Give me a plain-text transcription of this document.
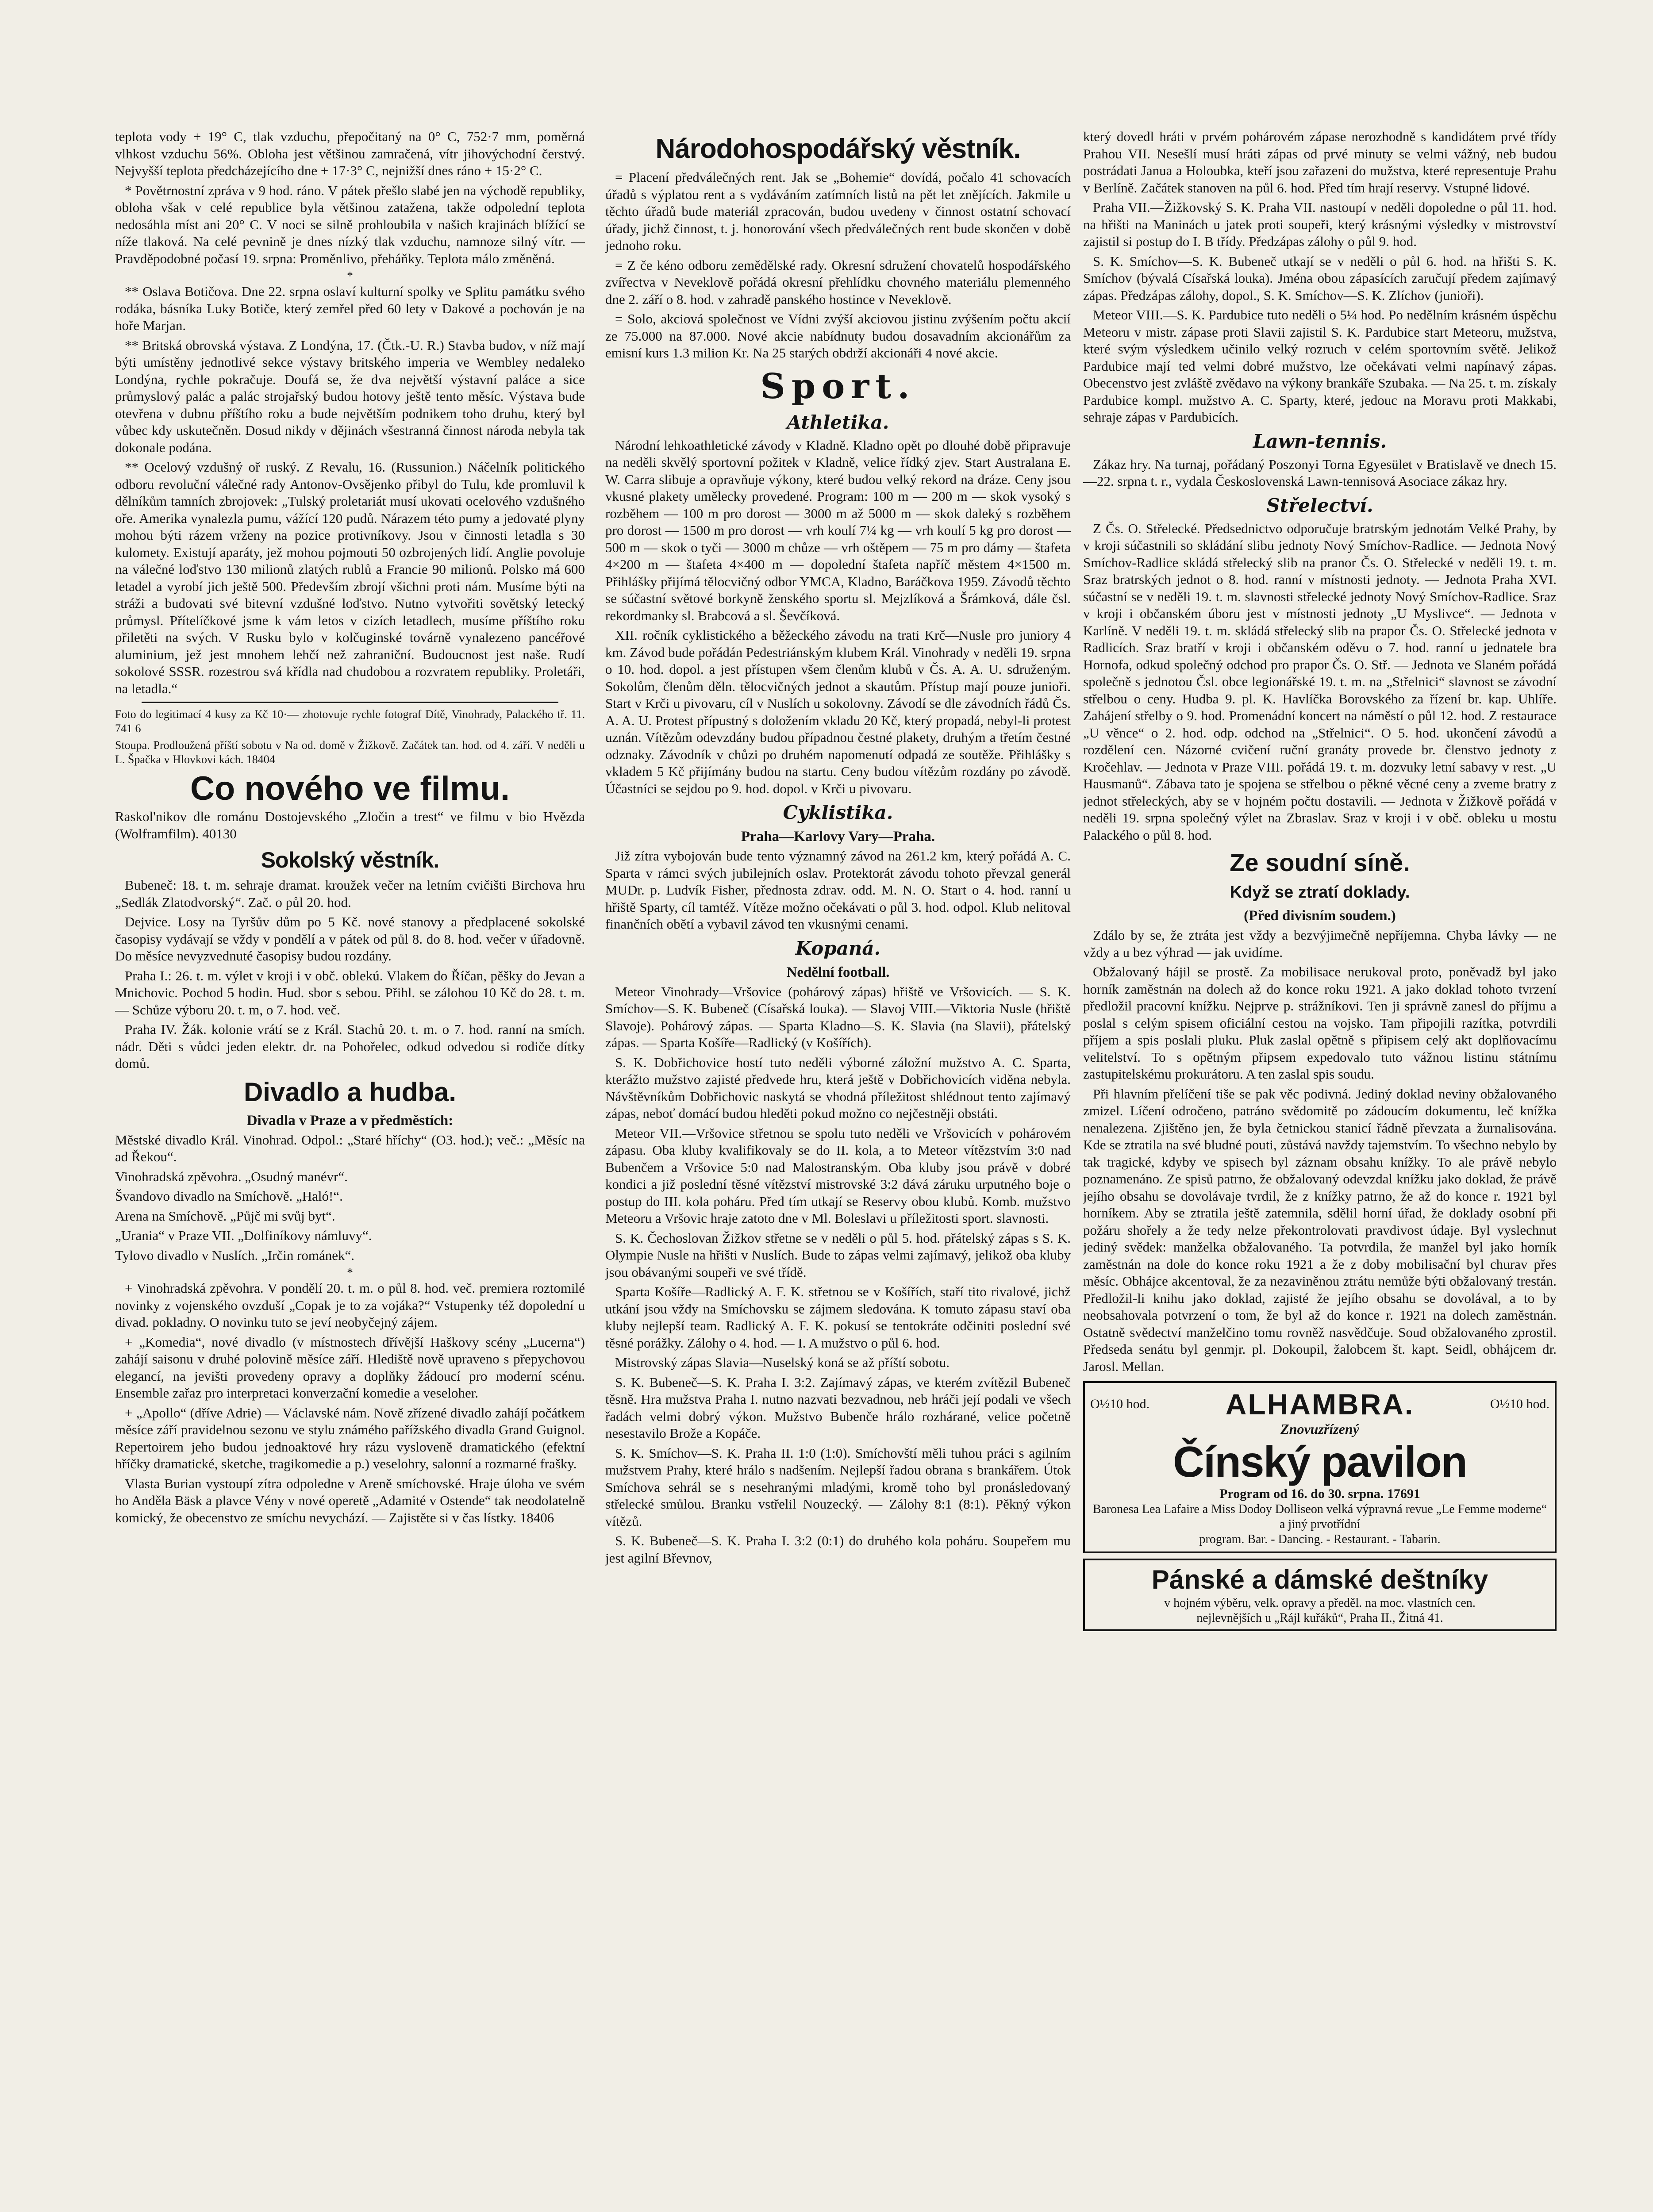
teplota vody + 19° C, tlak vzduchu, přepočitaný na 0° C, 752·7 mm, poměrná vlhkost vzduchu 56%. Obloha jest většinou zamračená, vítr jihovýchodní čerstvý. Nejvyšší teplota předcházejícího dne + 17·3° C, nejnižší dnes ráno + 15·2° C.

* Povětrnostní zpráva v 9 hod. ráno. V pátek přešlo slabé jen na východě republiky, obloha však v celé republice byla většinou zatažena, takže odpolední teplota nedosáhla míst ani 20° C. V noci se silně prohloubila v našich krajinách blížící se níže tlaková. Na celé pevnině je dnes nízký tlak vzduchu, namnoze silný vítr. — Pravděpodobné počasí 19. srpna: Proměnlivo, přeháňky. Teplota málo změněná.

*

** Oslava Botičova. Dne 22. srpna oslaví kulturní spolky ve Splitu památku svého rodáka, básníka Luky Botiče, který zemřel před 60 lety v Dakové a pochován je na hoře Marjan.

** Britská obrovská výstava. Z Londýna, 17. (Čtk.-U. R.) Stavba budov, v níž mají býti umístěny jednotlivé sekce výstavy britského imperia ve Wembley nedaleko Londýna, rychle pokračuje. Doufá se, že dva největší výstavní paláce a sice průmyslový palác a palác strojařský budou hotovy ještě tento měsíc. Výstava bude otevřena v dubnu příštího roku a bude největším podnikem toho druhu, který byl vůbec kdy uskutečněn. Dosud nikdy v dějinách všestranná činnost národa nebyla tak dokonale podána.

** Ocelový vzdušný oř ruský. Z Revalu, 16. (Russunion.) Náčelník politického odboru revoluční válečné rady Antonov-Ovsějenko přibyl do Tulu, kde promluvil k dělníkům tamních zbrojovek: „Tulský proletariát musí ukovati ocelového vzdušného oře. Amerika vynalezla pumu, vážící 120 pudů. Nárazem této pumy a jedovaté plyny mohou býti rázem vrženy na pozice protivníkovy. Jsou v činnosti letadla s 30 kulomety. Existují aparáty, jež mohou pojmouti 50 ozbrojených lidí. Anglie povoluje na válečné loďstvo 130 milionů zlatých rublů a Francie 90 milionů. Polsko má 600 letadel a vyrobí jich ještě 500. Především zbrojí všichni proti nám. Musíme býti na stráži a budovati své bitevní vzdušné loďstvo. Nutno vytvořiti sovětský letecký průmysl. Přítelíčkové jsme k vám letos v cizích letadlech, musíme příštího roku přiletěti na svých. V Rusku bylo v kolčuginské továrně vynalezeno pancéřové aluminium, jež jest mnohem lehčí než zahraniční. Budoucnost jest naše. Rudí sokolové SSSR. rozestrou svá křídla nad chudobou a rozvratem republiky. Proletáři, na letadla.“

Foto do legitimací 4 kusy za Kč 10·— zhotovuje rychle fotograf Dítě, Vinohrady, Palackého tř. 11. 741 6

Stoupa. Prodloužená příští sobotu v Na od. domě v Žižkově. Začátek tan. hod. od 4. září. V neděli u L. Špačka v Hlovkovi kách. 18404

Co nového ve filmu.

Raskol'nikov dle románu Dostojevského „Zločin a trest“ ve filmu v bio Hvězda (Wolframfilm). 40130

Sokolský věstník.

Bubeneč: 18. t. m. sehraje dramat. kroužek večer na letním cvičišti Birchova hru „Sedlák Zlatodvorský“. Zač. o půl 20. hod.

Dejvice. Losy na Tyršův dům po 5 Kč. nové stanovy a předplacené sokolské časopisy vydávají se vždy v pondělí a v pátek od půl 8. do 8. hod. večer v úřadovně. Do měsíce nevyzvednuté časopisy budou rozdány.

Praha I.: 26. t. m. výlet v kroji i v obč. oblekú. Vlakem do Říčan, pěšky do Jevan a Mnichovic. Pochod 5 hodin. Hud. sbor s sebou. Přihl. se zálohou 10 Kč do 28. t. m. — Schůze výboru 20. t. m, o 7. hod. več.

Praha IV. Žák. kolonie vrátí se z Král. Stachů 20. t. m. o 7. hod. ranní na smích. nádr. Děti s vůdci jeden elektr. dr. na Pohořelec, odkud odvedou si rodiče dítky domů.

Divadlo a hudba.
Divadla v Praze a v předměstích:

Městské divadlo Král. Vinohrad. Odpol.: „Staré hříchy“ (O3. hod.); več.: „Měsíc na ad Řekou“.

Vinohradská zpěvohra. „Osudný manévr“.

Švandovo divadlo na Smíchově. „Haló!“.

Arena na Smíchově. „Půjč mi svůj byt“.

„Urania“ v Praze VII. „Dolfiníkovy námluvy“.

Tylovo divadlo v Nuslích. „Irčin románek“.

*

+ Vinohradská zpěvohra. V pondělí 20. t. m. o půl 8. hod. več. premiera roztomilé novinky z vojenského ovzduší „Copak je to za vojáka?“ Vstupenky též dopolední u divad. pokladny. O novinku tuto se jeví neobyčejný zájem.

+ „Komedia“, nové divadlo (v místnostech dřívější Haškovy scény „Lucerna“) zahájí saisonu v druhé polovině měsíce září. Hlediště nově upraveno s přepychovou elegancí, na jevišti provedeny opravy a doplňky žádoucí pro moderní scénu. Ensemble zařaz pro interpretaci konverzační komedie a veseloher.

+ „Apollo“ (dříve Adrie) — Václavské nám. Nově zřízené divadlo zahájí počátkem měsíce září pravidelnou sezonu ve stylu známého pařížského divadla Grand Guignol. Repertoirem jeho budou jednoaktové hry rázu vysloveně dramatického (efektní hříčky dramatické, sketche, tragikomedie a p.) veselohry, salonní a rozmarné frašky.

Vlasta Burian vystoupí zítra odpoledne v Areně smíchovské. Hraje úloha ve svém ho Anděla Bäsk a plavce Vény v nové operetě „Adamité v Ostende“ tak neodolatelně komický, že obecenstvo ze smíchu nevychází. — Zajistěte si v čas lístky. 18406

Národohospodářský věstník.

= Placení předválečných rent. Jak se „Bohemie“ dovídá, počalo 41 schovacích úřadů s výplatou rent a s vydáváním zatímních listů na pět let znějících. Jakmile u těchto úřadů bude materiál zpracován, budou uvedeny v činnost ostatní schovací úřady, jichž činnost, t. j. honorování všech předválečných rent bude skončen v době jednoho roku.

= Z če kéno odboru zemědělské rady. Okresní sdružení chovatelů hospodářského zvířectva v Neveklově pořádá okresní přehlídku chovného materiálu plemenného dne 2. září o 8. hod. v zahradě panského hostince v Neveklově.

= Solo, akciová společnost ve Vídni zvýší akciovou jistinu zvýšením počtu akcií ze 75.000 na 87.000. Nové akcie nabídnuty budou dosavadním akcionářům za emisní kurs 1.3 milion Kr. Na 25 starých obdrží akcionáři 4 nové akcie.

Sport.
Athletika.

Národní lehkoathletické závody v Kladně. Kladno opět po dlouhé době připravuje na neděli skvělý sportovní požitek v Kladně, velice řídký zjev. Start Australana E. W. Carra slibuje a opravňuje výkony, které budou velký rekord na dráze. Ceny jsou vkusné plakety umělecky provedené. Program: 100 m — 200 m — skok vysoký s rozběhem — 100 m pro dorost — 3000 m až 5000 m — skok daleký s rozběhem pro dorost — 1500 m pro dorost — vrh koulí 7¼ kg — vrh koulí 5 kg pro dorost — 500 m — skok o tyči — 3000 m chůze — vrh oštěpem — 75 m pro dámy — štafeta 4×200 m — štafeta 4×400 m — dopolední štafeta napříč městem 4×1500 m. Přihlášky přijímá tělocvičný odbor YMCA, Kladno, Baráčkova 1959. Závodů těchto se súčastní světové borkyně ženského sportu sl. Mejzlíková a Šrámková, dále čsl. rekordmanky sl. Brabcová a sl. Ševčíková.

XII. ročník cyklistického a běžeckého závodu na trati Krč—Nusle pro juniory 4 km. Závod bude pořádán Pedestriánským klubem Král. Vinohrady v neděli 19. srpna o 10. hod. dopol. a jest přístupen všem členům klubů v Čs. A. A. U. sdruženým. Sokolům, členům děln. tělocvičných jednot a skautům. Přístup mají pouze junioři. Start v Krči u pivovaru, cíl v Nuslích u sokolovny. Závodí se dle závodních řádů Čs. A. A. U. Protest přípustný s doložením vkladu 20 Kč, který propadá, nebyl-li protest uznán. Vítězům odevzdány budou případnou čestné plakety, druhým a třetím čestné odznaky. Závodník v chůzi po druhém napomenutí odpadá ze soutěže. Přihlášky s vkladem 5 Kč přijímány budou na startu. Ceny budou vítězům rozdány po závodě. Účastníci se sejdou po 9. hod. dopol. v Krči u pivovaru.

Cyklistika.
Praha—Karlovy Vary—Praha.

Již zítra vybojován bude tento významný závod na 261.2 km, který pořádá A. C. Sparta v rámci svých jubilejních oslav. Protektorát závodu tohoto převzal generál MUDr. p. Ludvík Fisher, přednosta zdrav. odd. M. N. O. Start o 4. hod. ranní u hřiště Sparty, cíl tamtéž. Vítěze možno očekávati o půl 3. hod. odpol. Klub nelitoval finančních obětí a vybavil závod ten vkusnými cenami.

Kopaná.
Nedělní football.

Meteor Vinohrady—Vršovice (pohárový zápas) hřiště ve Vršovicích. — S. K. Smíchov—S. K. Bubeneč (Císařská louka). — Slavoj VIII.—Viktoria Nusle (hřiště Slavoje). Pohárový zápas. — Sparta Kladno—S. K. Slavia (na Slavii), přátelský zápas. — Sparta Košíře—Radlický (v Košířích).

S. K. Dobřichovice hostí tuto neděli výborné záložní mužstvo A. C. Sparta, kterážto mužstvo zajisté předvede hru, která ještě v Dobřichovicích viděna nebyla. Návštěvníkům Dobřichovic naskytá se vhodná příležitost shlédnout tento zajímavý zápas, neboť domácí budou hleděti pokud možno co nejčestněji obstáti.

Meteor VII.—Vršovice střetnou se spolu tuto neděli ve Vršovicích v pohárovém zápasu. Oba kluby kvalifikovaly se do II. kola, a to Meteor vítězstvím 3:0 nad Bubenčem a Vršovice 5:0 nad Malostranským. Oba kluby jsou právě v dobré kondici a již poslední těsné vítězství mistrovské 3:2 dává záruku urputného boje o postup do III. kola poháru. Před tím utkají se Reservy obou klubů. Komb. mužstvo Meteoru a Vršovic hraje zatoto dne v Ml. Boleslavi u příležitosti sport. slavnosti.

S. K. Čechoslovan Žižkov střetne se v neděli o půl 5. hod. přátelský zápas s S. K. Olympie Nusle na hřišti v Nuslích. Bude to zápas velmi zajímavý, jelikož oba kluby jsou obávanými soupeři ve své třídě.

Sparta Košíře—Radlický A. F. K. střetnou se v Košířích, staří tito rivalové, jichž utkání jsou vždy na Smíchovsku se zájmem sledována. K tomuto zápasu staví oba kluby nejlepší team. Radlický A. F. K. pokusí se tentokráte odčiniti poslední své těsné porážky. Zálohy o 4. hod. — I. A mužstvo o půl 6. hod.

Mistrovský zápas Slavia—Nuselský koná se až příští sobotu.

S. K. Bubeneč—S. K. Praha I. 3:2. Zajímavý zápas, ve kterém zvítězil Bubeneč těsně. Hra mužstva Praha I. nutno nazvati bezvadnou, neb hráči její podali ve všech řadách velmi dobrý výkon. Mužstvo Bubenče hrálo rozhárané, velice početně nesestavilo Brože a Kopáče.

S. K. Smíchov—S. K. Praha II. 1:0 (1:0). Smíchovští měli tuhou práci s agilním mužstvem Prahy, které hrálo s nadšením. Nejlepší řadou obrana s brankářem. Útok Smíchova sehrál se s nesehranými mladými, kromě toho byl pronásledovaný střelecké smůlou. Branku vstřelil Nouzecký. — Zálohy 8:1 (8:1). Pěkný výkon vítězů.

S. K. Bubeneč—S. K. Praha I. 3:2 (0:1) do druhého kola poháru. Soupeřem mu jest agilní Břevnov,

který dovedl hráti v prvém pohárovém zápase nerozhodně s kandidátem prvé třídy Prahou VII. Nesešlí musí hráti zápas od prvé minuty se velmi vážný, neb budou postrádati Janua a Holoubka, kteří jsou zařazeni do mužstva, které representuje Prahu v Berlíně. Začátek stanoven na půl 6. hod. Před tím hrají reservy. Vstupné lidové.

Praha VII.—Žižkovský S. K. Praha VII. nastoupí v neděli dopoledne o půl 11. hod. na hřišti na Maninách u jatek proti soupeři, který krásnými výsledky v mistrovství zajistil si postup do I. B třídy. Předzápas zálohy o půl 9. hod.

S. K. Smíchov—S. K. Bubeneč utkají se v neděli o půl 6. hod. na hřišti S. K. Smíchov (bývalá Císařská louka). Jména obou zápasících zaručují předem zajímavý zápas. Předzápas zálohy, dopol., S. K. Smíchov—S. K. Zlíchov (junioři).

Meteor VIII.—S. K. Pardubice tuto neděli o 5¼ hod. Po nedělním krásném úspěchu Meteoru v mistr. zápase proti Slavii zajistil S. K. Pardubice start Meteoru, mužstva, které svým výsledkem učinilo velký rozruch v celém sportovním světě. Jelikož Pardubice mají ted velmi dobré mužstvo, lze očekávati velmi napínavý zápas. Obecenstvo jest zvláště zvědavo na výkony brankáře Szubaka. — Na 25. t. m. získaly Pardubice kompl. mužstvo A. C. Sparty, které, jedouc na Moravu proti Makkabi, sehraje zápas v Pardubicích.

Lawn-tennis.

Zákaz hry. Na turnaj, pořádaný Poszonyi Torna Egyesület v Bratislavě ve dnech 15.—22. srpna t. r., vydala Československá Lawn-tennisová Asociace zákaz hry.

Střelectví.

Z Čs. O. Střelecké. Předsednictvo odporučuje bratrským jednotám Velké Prahy, by v kroji súčastnili so skládání slibu jednoty Nový Smíchov-Radlice. — Jednota Nový Smíchov-Radlice skládá střelecký slib na pranor Čs. O. Střelecké v neděli 19. t. m. Sraz bratrských jednot o 8. hod. ranní v místnosti jednoty. — Jednota Praha XVI. súčastní se v neděli 19. t. m. slavnosti střelecké jednoty Nový Smíchov-Radlice. Sraz v kroji i občanském úboru jest v místnosti jednoty „U Myslivce“. — Jednota v Karlíně. V neděli 19. t. m. skládá střelecký slib na prapor Čs. O. Střelecké jednota v Radlicích. Sraz bratří v kroji i občanském oděvu o 7. hod. ranní u jednatele bra Hornofa, odkud společný odchod pro prapor Čs. O. Stř. — Jednota ve Slaném pořádá společně s jednotou Čsl. obce legionářské 19. t. m. na „Střelnici“ slavnost se závodní střelbou o ceny. Hudba 9. pl. K. Havlíčka Borovského za řízení br. kap. Uhlíře. Zahájení střelby o 9. hod. Promenádní koncert na náměstí o půl 12. hod. Z restaurace „U věnce“ o 2. hod. odp. odchod na „Střelnici“. O 5. hod. ukončení závodů a rozdělení cen. Názorné cvičení ruční granáty provede br. členstvo jednoty z Kročehlav. — Jednota v Praze VIII. pořádá 19. t. m. dozvuky letní sabavy v rest. „U Hausmanů“. Zábava tato je spojena se střelbou o pěkné věcné ceny a zveme bratry z jednot střeleckých, aby se v hojném počtu dostavili. — Jednota v Žižkově pořádá v neděli 19. srpna společný výlet na Zbraslav. Sraz v kroji i v obč. obleku u mostu Palackého o půl 8. hod.

Ze soudní síně.
Když se ztratí doklady.
(Před divisním soudem.)

Zdálo by se, že ztráta jest vždy a bezvýjimečně nepříjemna. Chyba lávky — ne vždy a u bez výhrad — jak uvidíme.

Obžalovaný hájil se prostě. Za mobilisace nerukoval proto, poněvadž byl jako horník zaměstnán na dolech až do konce roku 1921. A jako doklad tohoto tvrzení předložil pracovní knížku. Nejprve p. strážníkovi. Ten ji správně zanesl do příjmu a poslal s celým spisem oficiální cestou na vojsko. Tam připojili razítka, potvrdili příjem a spis poslali pluku. Pluk zaslal opětně s připisem celý akt doplňovacímu velitelství. To s opětným připsem expedovalo tuto vážnou listinu státnímu zastupitelskému prokurátoru. A ten zaslal spis soudu.

Při hlavním přelíčení tiše se pak věc podivná. Jediný doklad neviny obžalovaného zmizel. Líčení odročeno, patráno svědomitě po zádoucím dokumentu, leč knížka nenalezena. Zjištěno jen, že byla četnickou stanicí řádně převzata a žurnalisována. Kde se ztratila na své bludné pouti, zůstává navždy tajemstvím. To všechno nebylo by tak tragické, kdyby ve spisech byl záznam obsahu knížky. To ale právě nebylo poznamenáno. Ze spisů patrno, že obžalovaný odevzdal knížku jako doklad, že právě jejího obsahu se dovolávaje tvrdil, že z knížky patrno, že až do konce r. 1921 byl horníkem. Aby se ztratila ještě zatemnila, sdělil horní úřad, že doklady osobní při požáru shořely a že tedy nelze překontrolovati pravdivost údaje. Byl vyslechnut jediný svědek: manželka obžalovaného. Ta potvrdila, že manžel byl jako horník zaměstnán na dole do konce roku 1921 a že z doby mobilisační byl churav přes měsíc. Obhájce akcentoval, že za nezaviněnou ztrátu nemůže býti obžalovaný trestán. Předložil-li knihu jako doklad, zajisté že jejího obsahu se dovolával, a to by neobsahovala potvrzení o tom, že byl až do konce r. 1921 na dolech zaměstnán. Ostatně svědectví manželčino tomu rovněž nasvědčuje. Soud obžalovaného zprostil. Předseda senátu byl genmjr. pl. Dokoupil, žalobcem št. kapt. Seidl, obhájcem dr. Jarosl. Mellan.

O½10 hod.	ALHAMBRA.	O½10 hod.
Znovuzřízený
Čínský pavilon
Program od 16. do 30. srpna. 17691
Baronesa Lea Lafaire a Miss Dodoy Dolliseon velká výpravná revue „Le Femme moderne“ a jiný prvotřídní
program. Bar. - Dancing. - Restaurant. - Tabarin.
Pánské a dámské deštníky
v hojném výběru, velk. opravy a předěl. na moc. vlastních cen.
nejlevnějších u „Rájl kuřáků“, Praha II., Žitná 41.
